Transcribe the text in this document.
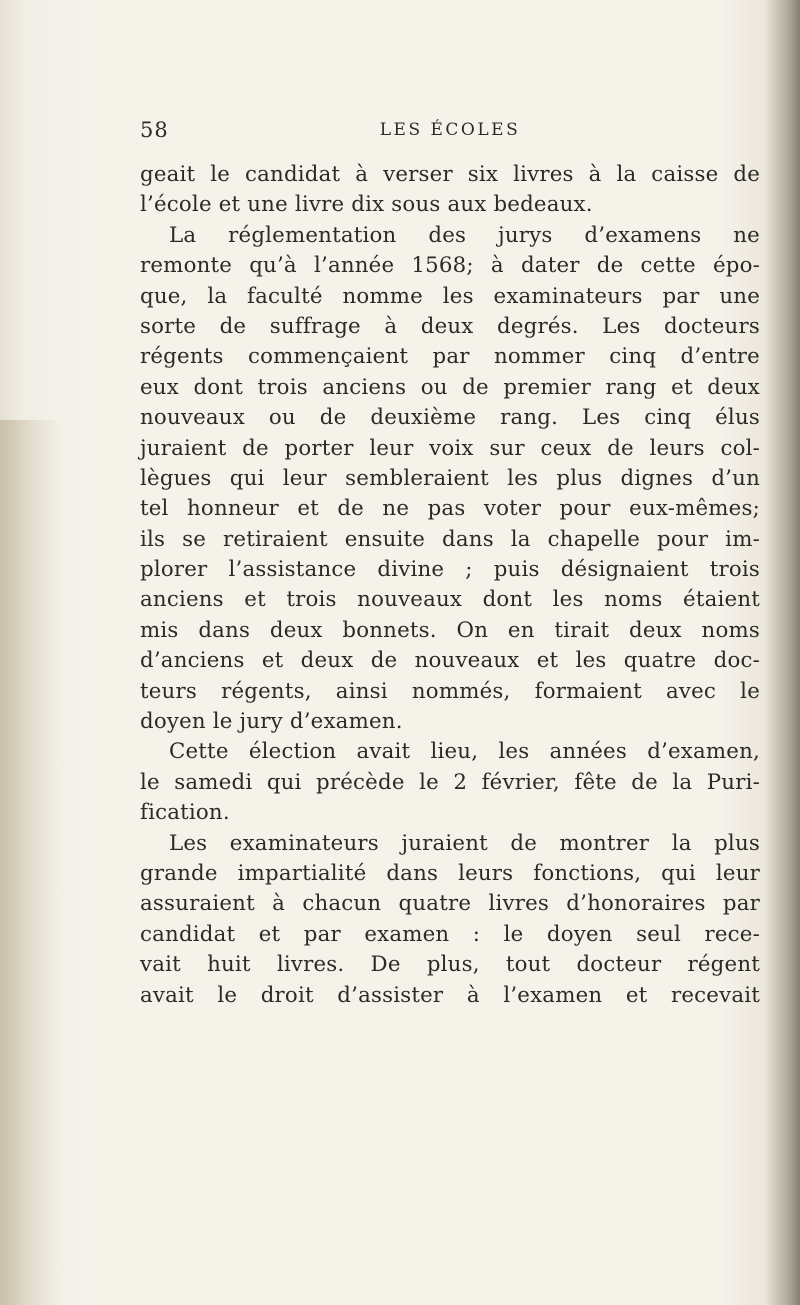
58	LES ÉCOLES
geait le candidat à verser six livres à la caisse de
l’école et une livre dix sous aux bedeaux.
La réglementation des jurys d’examens ne
remonte qu’à l’année 1568; à dater de cette épo-
que, la faculté nomme les examinateurs par une
sorte de suffrage à deux degrés. Les docteurs
régents commençaient par nommer cinq d’entre
eux dont trois anciens ou de premier rang et deux
nouveaux ou de deuxième rang. Les cinq élus
juraient de porter leur voix sur ceux de leurs col-
lègues qui leur sembleraient les plus dignes d’un
tel honneur et de ne pas voter pour eux-mêmes;
ils se retiraient ensuite dans la chapelle pour im-
plorer l’assistance divine ; puis désignaient trois
anciens et trois nouveaux dont les noms étaient
mis dans deux bonnets. On en tirait deux noms
d’anciens et deux de nouveaux et les quatre doc-
teurs régents, ainsi nommés, formaient avec le
doyen le jury d’examen.
Cette élection avait lieu, les années d’examen,
le samedi qui précède le 2 février, fête de la Puri-
fication.
Les examinateurs juraient de montrer la plus
grande impartialité dans leurs fonctions, qui leur
assuraient à chacun quatre livres d’honoraires par
candidat et par examen : le doyen seul rece-
vait huit livres. De plus, tout docteur régent
avait le droit d’assister à l’examen et recevait
